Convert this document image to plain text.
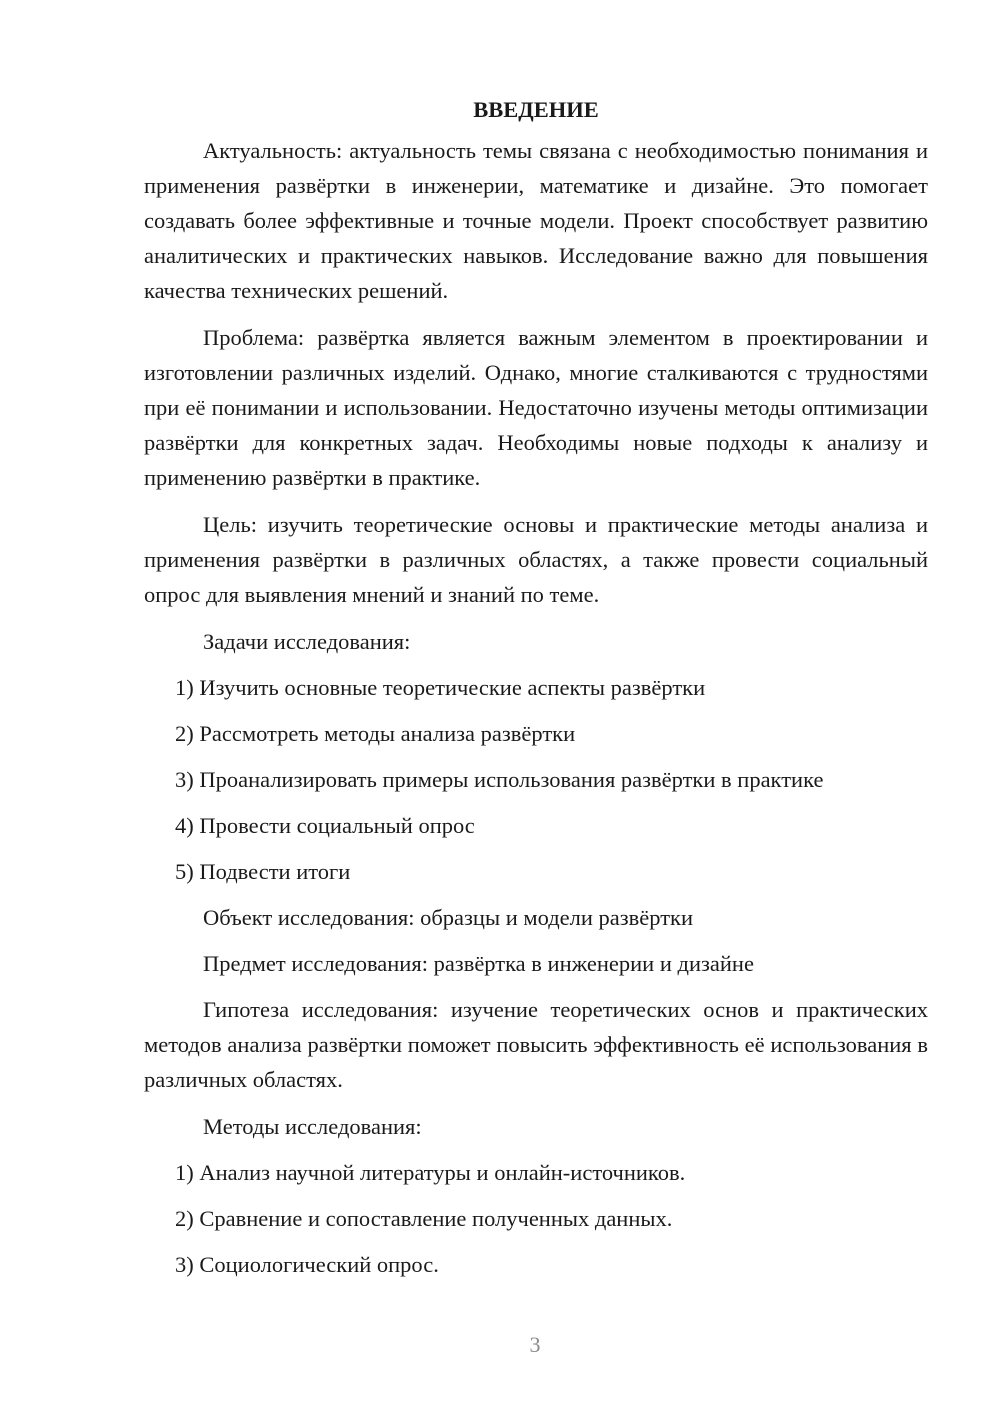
ВВЕДЕНИЕ

Актуальность: актуальность темы связана с необходимостью понимания и применения развёртки в инженерии, математике и дизайне. Это помогает создавать более эффективные и точные модели. Проект способствует развитию аналитических и практических навыков. Исследование важно для повышения качества технических решений.

Проблема: развёртка является важным элементом в проектировании и изготовлении различных изделий. Однако, многие сталкиваются с трудностями при её понимании и использовании. Недостаточно изучены методы оптимизации развёртки для конкретных задач. Необходимы новые подходы к анализу и применению развёртки в практике.

Цель: изучить теоретические основы и практические методы анализа и применения развёртки в различных областях, а также провести социальный опрос для выявления мнений и знаний по теме.

Задачи исследования:
1) Изучить основные теоретические аспекты развёртки
2) Рассмотреть методы анализа развёртки
3) Проанализировать примеры использования развёртки в практике
4) Провести социальный опрос
5) Подвести итоги
Объект исследования: образцы и модели развёртки
Предмет исследования: развёртка в инженерии и дизайне

Гипотеза исследования: изучение теоретических основ и практических методов анализа развёртки поможет повысить эффективность её использования в различных областях.

Методы исследования:
1) Анализ научной литературы и онлайн-источников.
2) Сравнение и сопоставление полученных данных.
3) Социологический опрос.
3
